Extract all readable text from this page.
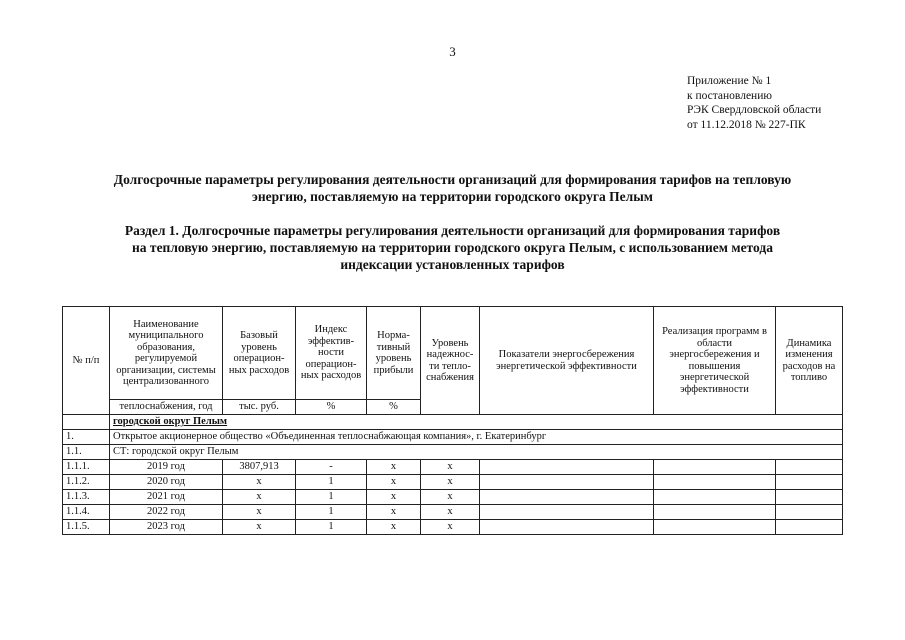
3
Приложение № 1
к постановлению
РЭК Свердловской области
от 11.12.2018 № 227-ПК
Долгосрочные параметры регулирования деятельности организаций для формирования тарифов на тепловую
энергию, поставляемую на территории городского округа Пелым
Раздел 1. Долгосрочные параметры регулирования деятельности организаций для формирования тарифов
на тепловую энергию, поставляемую на территории городского округа Пелым, с использованием метода
индексации установленных тарифов
№ п/п	Наименование муниципального образования, регулируемой организации, системы централизованного	Базовый уровень операцион-ных расходов	Индекс эффектив-ности операцион-ных расходов	Норма-тивный уровень прибыли	Уровень надежнос-ти тепло-снабжения	Показатели энергосбережения энергетической эффективности	Реализация программ в области энергосбережения и повышения энергетической эффективности	Динамика изменения расходов на топливо
	теплоснабжения, год	тыс. руб.	%	%				
	городской округ Пелым							
1.	Открытое акционерное общество «Объединенная теплоснабжающая компания», г. Екатеринбург							
1.1.	СТ: городской округ Пелым							
1.1.1.	2019 год	3807,913	-	х	х			
1.1.2.	2020 год	х	1	х	х			
1.1.3.	2021 год	х	1	х	х			
1.1.4.	2022 год	х	1	х	х			
1.1.5.	2023 год	х	1	х	х			
